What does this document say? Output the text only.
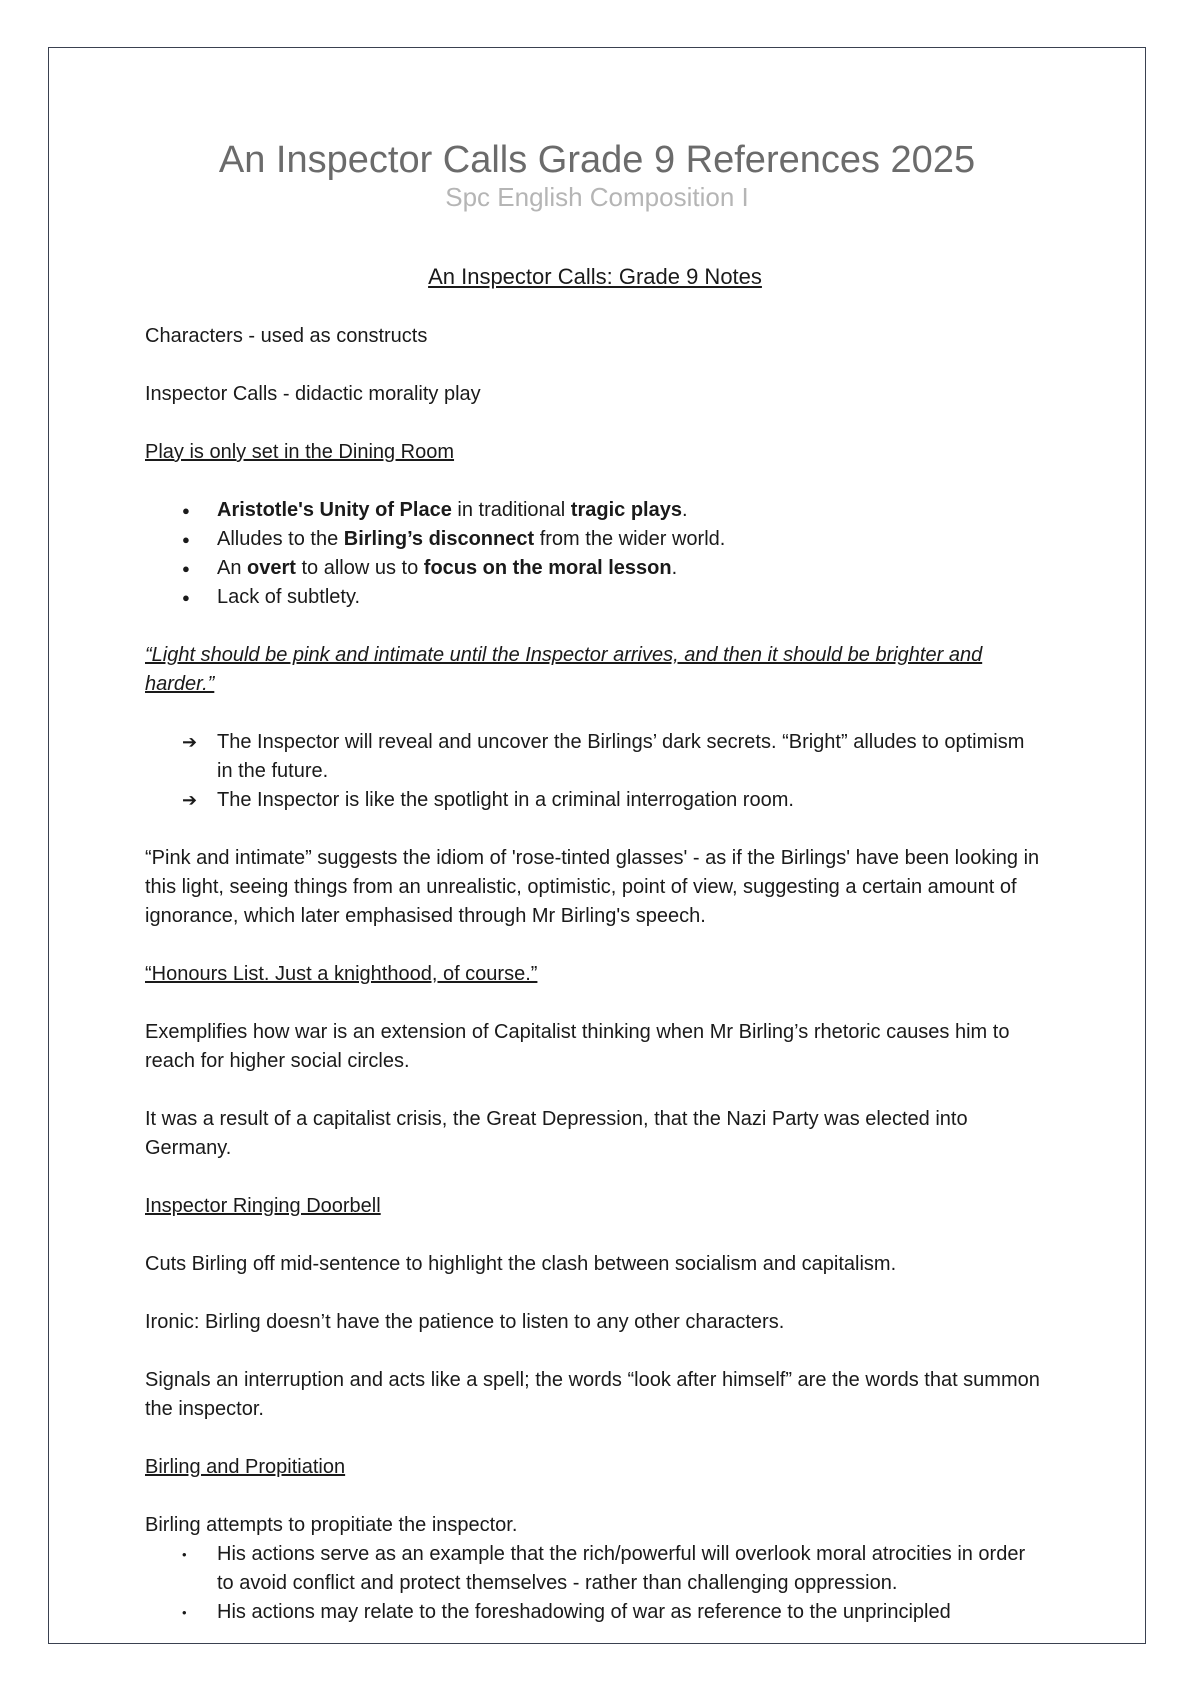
An Inspector Calls Grade 9 References 2025
Spc English Composition I

An Inspector Calls: Grade 9 Notes

Characters - used as constructs

Inspector Calls - didactic morality play

Play is only set in the Dining Room

● Aristotle's Unity of Place in traditional tragic plays.
● Alludes to the Birling’s disconnect from the wider world.
● An overt to allow us to focus on the moral lesson.
● Lack of subtlety.

“Light should be pink and intimate until the Inspector arrives, and then it should be brighter and harder.”

➔ The Inspector will reveal and uncover the Birlings’ dark secrets. “Bright” alludes to optimism in the future.
➔ The Inspector is like the spotlight in a criminal interrogation room.

“Pink and intimate” suggests the idiom of 'rose-tinted glasses' - as if the Birlings' have been looking in this light, seeing things from an unrealistic, optimistic, point of view, suggesting a certain amount of ignorance, which later emphasised through Mr Birling's speech.

“Honours List. Just a knighthood, of course.”

Exemplifies how war is an extension of Capitalist thinking when Mr Birling’s rhetoric causes him to reach for higher social circles.

It was a result of a capitalist crisis, the Great Depression, that the Nazi Party was elected into Germany.

Inspector Ringing Doorbell

Cuts Birling off mid-sentence to highlight the clash between socialism and capitalism.

Ironic: Birling doesn’t have the patience to listen to any other characters.

Signals an interruption and acts like a spell; the words “look after himself” are the words that summon the inspector.

Birling and Propitiation

Birling attempts to propitiate the inspector.

• His actions serve as an example that the rich/powerful will overlook moral atrocities in order to avoid conflict and protect themselves - rather than challenging oppression.
• His actions may relate to the foreshadowing of war as reference to the unprincipled
